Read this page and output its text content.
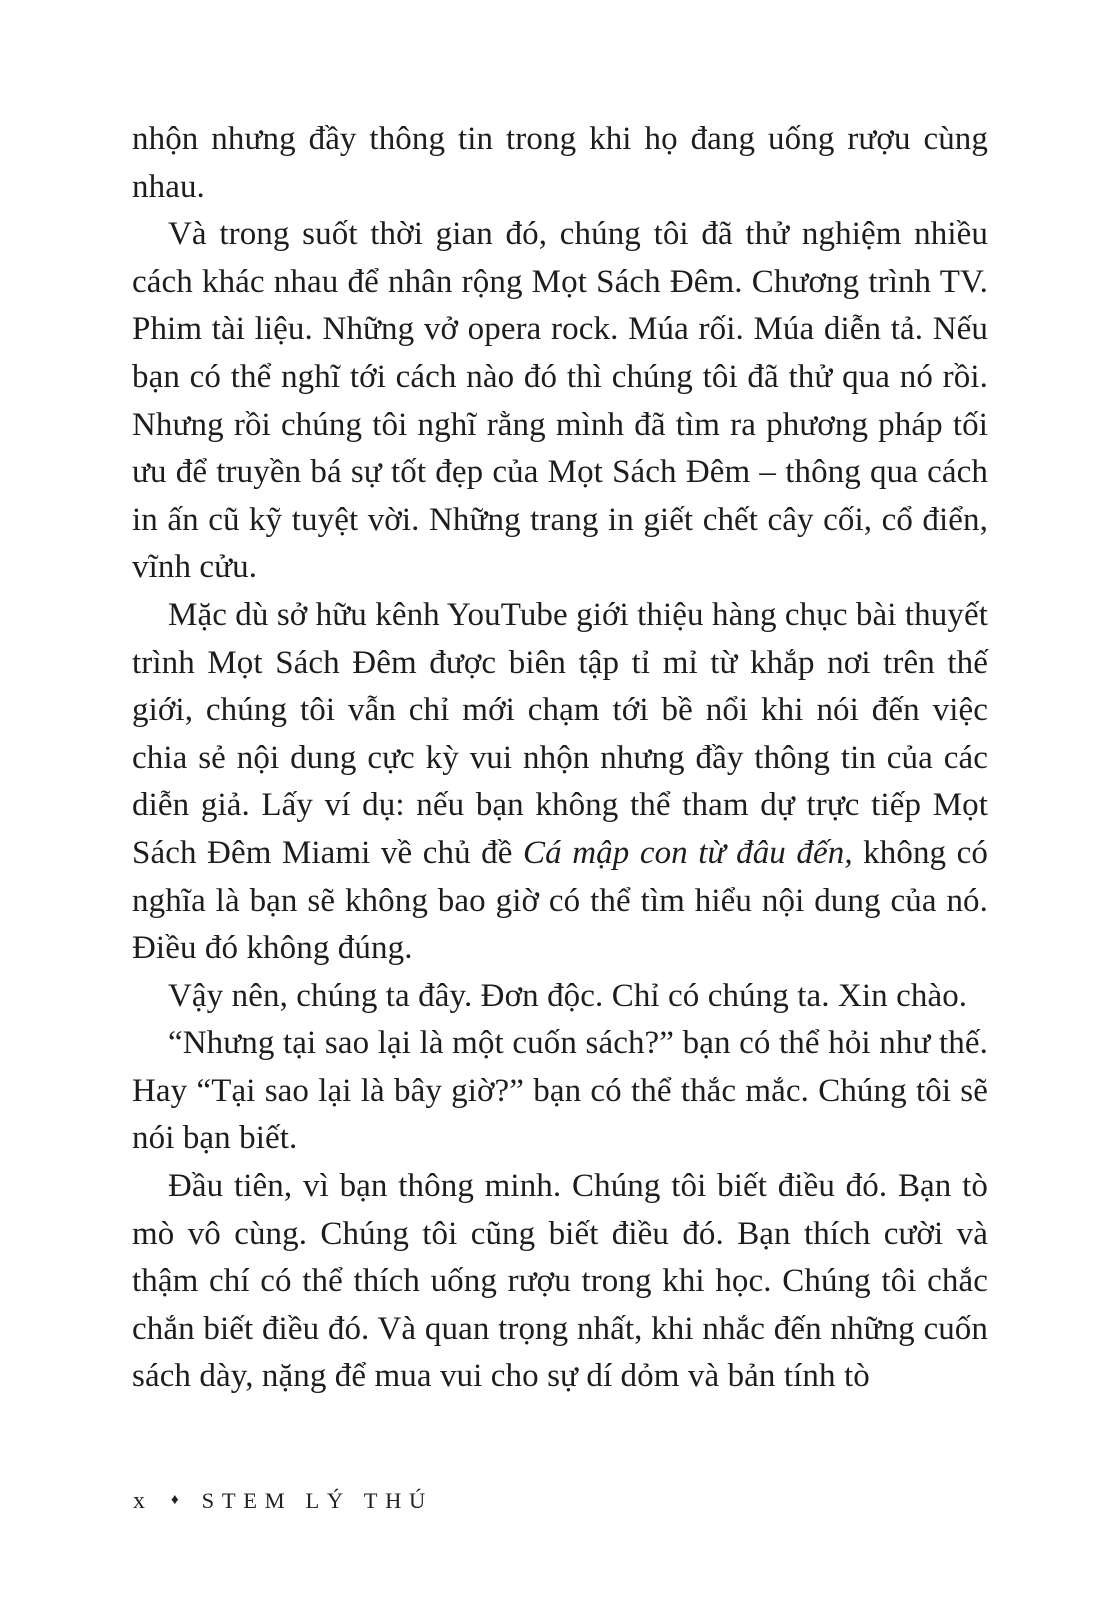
nhộn nhưng đầy thông tin trong khi họ đang uống rượu cùng nhau.

Và trong suốt thời gian đó, chúng tôi đã thử nghiệm nhiều cách khác nhau để nhân rộng Mọt Sách Đêm. Chương trình TV. Phim tài liệu. Những vở opera rock. Múa rối. Múa diễn tả. Nếu bạn có thể nghĩ tới cách nào đó thì chúng tôi đã thử qua nó rồi. Nhưng rồi chúng tôi nghĩ rằng mình đã tìm ra phương pháp tối ưu để truyền bá sự tốt đẹp của Mọt Sách Đêm – thông qua cách in ấn cũ kỹ tuyệt vời. Những trang in giết chết cây cối, cổ điển, vĩnh cửu.

Mặc dù sở hữu kênh YouTube giới thiệu hàng chục bài thuyết trình Mọt Sách Đêm được biên tập tỉ mỉ từ khắp nơi trên thế giới, chúng tôi vẫn chỉ mới chạm tới bề nổi khi nói đến việc chia sẻ nội dung cực kỳ vui nhộn nhưng đầy thông tin của các diễn giả. Lấy ví dụ: nếu bạn không thể tham dự trực tiếp Mọt Sách Đêm Miami về chủ đề Cá mập con từ đâu đến, không có nghĩa là bạn sẽ không bao giờ có thể tìm hiểu nội dung của nó. Điều đó không đúng.

Vậy nên, chúng ta đây. Đơn độc. Chỉ có chúng ta. Xin chào.

“Nhưng tại sao lại là một cuốn sách?” bạn có thể hỏi như thế. Hay “Tại sao lại là bây giờ?” bạn có thể thắc mắc. Chúng tôi sẽ nói bạn biết.

Đầu tiên, vì bạn thông minh. Chúng tôi biết điều đó. Bạn tò mò vô cùng. Chúng tôi cũng biết điều đó. Bạn thích cười và thậm chí có thể thích uống rượu trong khi học. Chúng tôi chắc chắn biết điều đó. Và quan trọng nhất, khi nhắc đến những cuốn sách dày, nặng để mua vui cho sự dí dỏm và bản tính tò

x ♦ STEM LÝ THÚ
